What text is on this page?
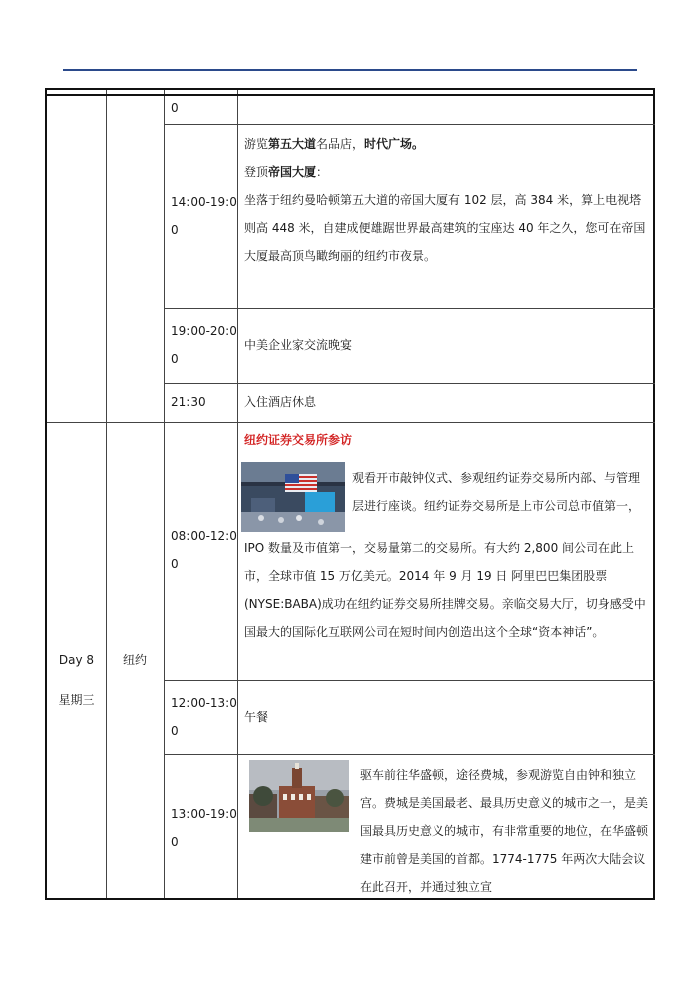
0
14:00-19:0
0

游览第五大道名品店，时代广场。

登顶帝国大厦：

坐落于纽约曼哈顿第五大道的帝国大厦有 102 层，高 384 米，算上电视塔则高 448 米，自建成便雄踞世界最高建筑的宝座达 40 年之久，您可在帝国大厦最高顶鸟瞰绚丽的纽约市夜景。

19:00-20:0
0
中美企业家交流晚宴
21:30	入住酒店休息
Day 8
星期三
纽约
08:00-12:0
0

纽约证券交易所参访

观看开市敲钟仪式、参观纽约证券交易所内部、与管理

层进行座谈。纽约证券交易所是上市公司总市值第一，

IPO 数量及市值第一，交易量第二的交易所。有大约 2,800 间公司在此上市，全球市值 15 万亿美元。2014 年 9 月 19 日 阿里巴巴集团股票(NYSE:BABA)成功在纽约证券交易所挂牌交易。亲临交易大厅，切身感受中国最大的国际化互联网公司在短时间内创造出这个全球“资本神话”。
12:00-13:0
0
午餐
13:00-19:0
0
驱车前往华盛顿，途径费城，参观游览自由钟和独立宫。费城是美国最老、最具历史意义的城市之一，是美国最具历史意义的城市，有非常重要的地位，在华盛顿建市前曾是美国的首都。1774-1775 年两次大陆会议在此召开，并通过独立宣
